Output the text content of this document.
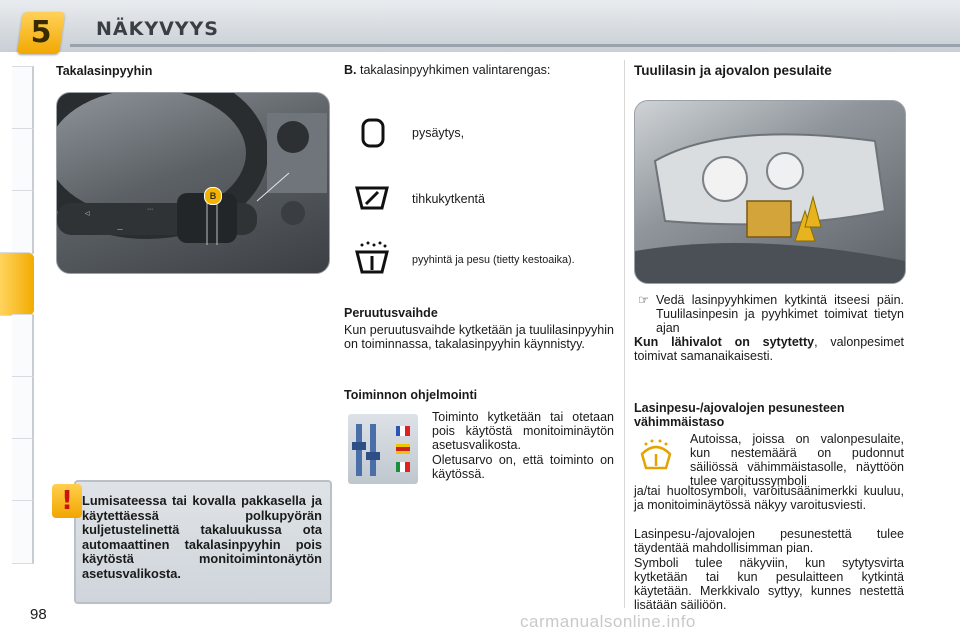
5	NÄKYVYYS
Takalasinpyyhin
◁
—
⋯
B
! Lumisateessa tai kovalla pakkasella ja käytettäessä polkupyörän kuljetustelinettä takaluukussa ota automaattinen takalasinpyyhin pois käytöstä monitoimintonäytön asetusvalikosta.
B. takalasinpyyhkimen valintarengas:
pysäytys,
tihkukytkentä
pyyhintä ja pesu (tietty kestoaika).
Peruutusvaihde
Kun peruutusvaihde kytketään ja tuulilasinpyyhin on toiminnassa, takalasinpyyhin käynnistyy.
Toiminnon ohjelmointi
Toiminto kytketään tai otetaan pois käytöstä monitoiminäytön asetusvalikosta.
Oletusarvo on, että toiminto on käytössä.
Tuulilasin ja ajovalon pesulaite
☞ Vedä lasinpyyhkimen kytkintä itseesi päin. Tuulilasinpesin ja pyyhkimet toimivat tietyn ajan
Kun lähivalot on sytytetty, valonpesimet toimivat samanaikaisesti.
Lasinpesu-/ajovalojen pesunesteen vähimmäistaso
Autoissa, joissa on valonpesulaite, kun nestemäärä on pudonnut säiliössä vähimmäistasolle, näyttöön tulee varoitussymboli
ja/tai huoltosymboli, varoitusäänimerkki kuuluu, ja monitoiminäytössä näkyy varoitusviesti.
Lasinpesu-/ajovalojen pesunestettä tulee täydentää mahdollisimman pian.
Symboli tulee näkyviin, kun sytytysvirta kytketään tai kun pesulaitteen kytkintä käytetään. Merkkivalo syttyy, kunnes nestettä lisätään säiliöön.
98	carmanualsonline.info
